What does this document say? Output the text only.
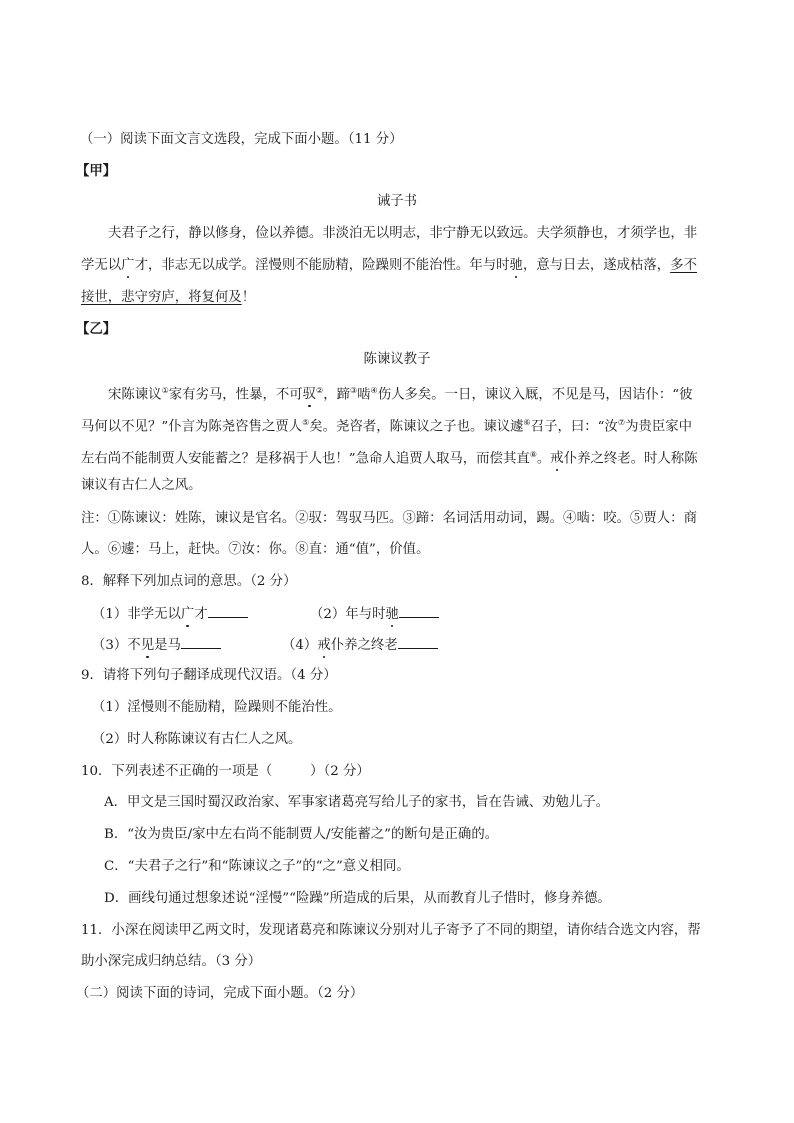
（一）阅读下面文言文选段，完成下面小题。（11 分）
【甲】
诫子书
夫君子之行，静以修身，俭以养德。非淡泊无以明志，非宁静无以致远。夫学须静也，才须学也，非
学无以广才，非志无以成学。淫慢则不能励精，险躁则不能治性。年与时驰，意与日去，遂成枯落，多不
接世，悲守穷庐，将复何及！
【乙】
陈谏议教子
宋陈谏议①家有劣马，性暴，不可驭②，蹄③啮④伤人多矣。一日，谏议入厩，不见是马，因诘仆：“彼
马何以不见？”仆言为陈尧咨售之贾人⑤矣。尧咨者，陈谏议之子也。谏议遽⑥召子，曰：“汝⑦为贵臣家中
左右尚不能制贾人安能蓄之？是移祸于人也！”急命人追贾人取马，而偿其直⑧。戒仆养之终老。时人称陈
谏议有古仁人之风。
注：①陈谏议：姓陈，谏议是官名。②驭：驾驭马匹。③蹄：名词活用动词，踢。④啮：咬。⑤贾人：商
人。⑥遽：马上，赶快。⑦汝：你。⑧直：通“值”，价值。
8．解释下列加点词的意思。（2 分）
（1）非学无以广才	（2）年与时驰
（3）不见是马	（4）戒仆养之终老
9．请将下列句子翻译成现代汉语。（4 分）
（1）淫慢则不能励精，险躁则不能治性。
（2）时人称陈谏议有古仁人之风。
10．下列表述不正确的一项是（	）（2 分）
A．甲文是三国时蜀汉政治家、军事家诸葛亮写给儿子的家书，旨在告诫、劝勉儿子。
B．“汝为贵臣/家中左右尚不能制贾人/安能蓄之”的断句是正确的。
C．“夫君子之行”和“陈谏议之子”的“之”意义相同。
D．画线句通过想象述说“淫慢”“险躁”所造成的后果，从而教育儿子惜时，修身养德。
11．小深在阅读甲乙两文时，发现诸葛亮和陈谏议分别对儿子寄予了不同的期望，请你结合选文内容，帮
助小深完成归纳总结。（3 分）
（二）阅读下面的诗词，完成下面小题。（2 分）
